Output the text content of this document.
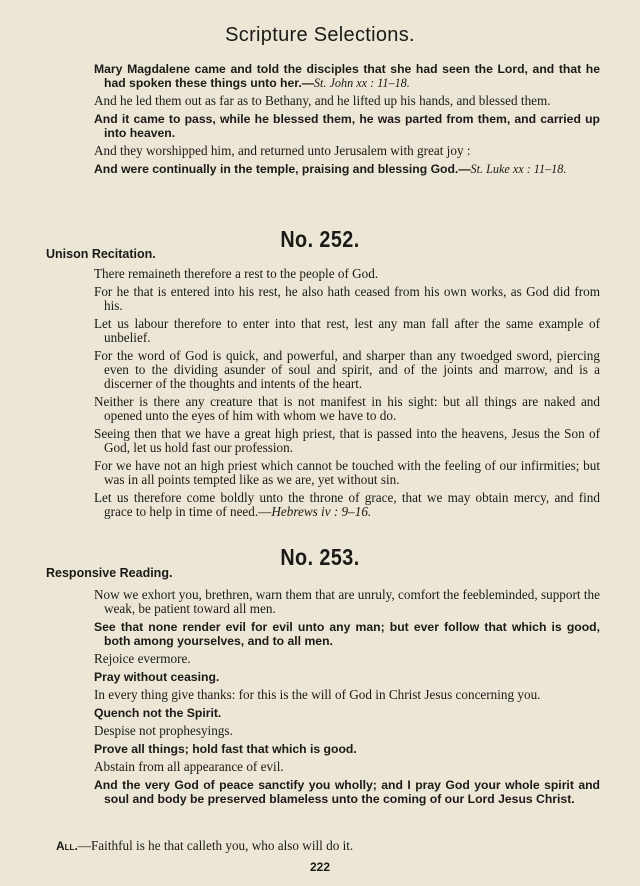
Scripture Selections.

Mary Magdalene came and told the disciples that she had seen the Lord, and that he had spoken these things unto her.—St. John xx : 11–18.

And he led them out as far as to Bethany, and he lifted up his hands, and blessed them.

And it came to pass, while he blessed them, he was parted from them, and carried up into heaven.

And they worshipped him, and returned unto Jerusalem with great joy :

And were continually in the temple, praising and blessing God.—St. Luke xx : 11–18.

No. 252.
Unison Recitation.

There remaineth therefore a rest to the people of God.

For he that is entered into his rest, he also hath ceased from his own works, as God did from his.

Let us labour therefore to enter into that rest, lest any man fall after the same example of unbelief.

For the word of God is quick, and powerful, and sharper than any twoedged sword, piercing even to the dividing asunder of soul and spirit, and of the joints and marrow, and is a discerner of the thoughts and intents of the heart.

Neither is there any creature that is not manifest in his sight: but all things are naked and opened unto the eyes of him with whom we have to do.

Seeing then that we have a great high priest, that is passed into the heavens, Jesus the Son of God, let us hold fast our profession.

For we have not an high priest which cannot be touched with the feeling of our infirmities; but was in all points tempted like as we are, yet without sin.

Let us therefore come boldly unto the throne of grace, that we may obtain mercy, and find grace to help in time of need.—Hebrews iv : 9–16.

No. 253.
Responsive Reading.

Now we exhort you, brethren, warn them that are unruly, comfort the feebleminded, support the weak, be patient toward all men.

See that none render evil for evil unto any man; but ever follow that which is good, both among yourselves, and to all men.

Rejoice evermore.

Pray without ceasing.

In every thing give thanks: for this is the will of God in Christ Jesus concerning you.

Quench not the Spirit.

Despise not prophesyings.

Prove all things; hold fast that which is good.

Abstain from all appearance of evil.

And the very God of peace sanctify you wholly; and I pray God your whole spirit and soul and body be preserved blameless unto the coming of our Lord Jesus Christ.

All.—Faithful is he that calleth you, who also will do it.
222
